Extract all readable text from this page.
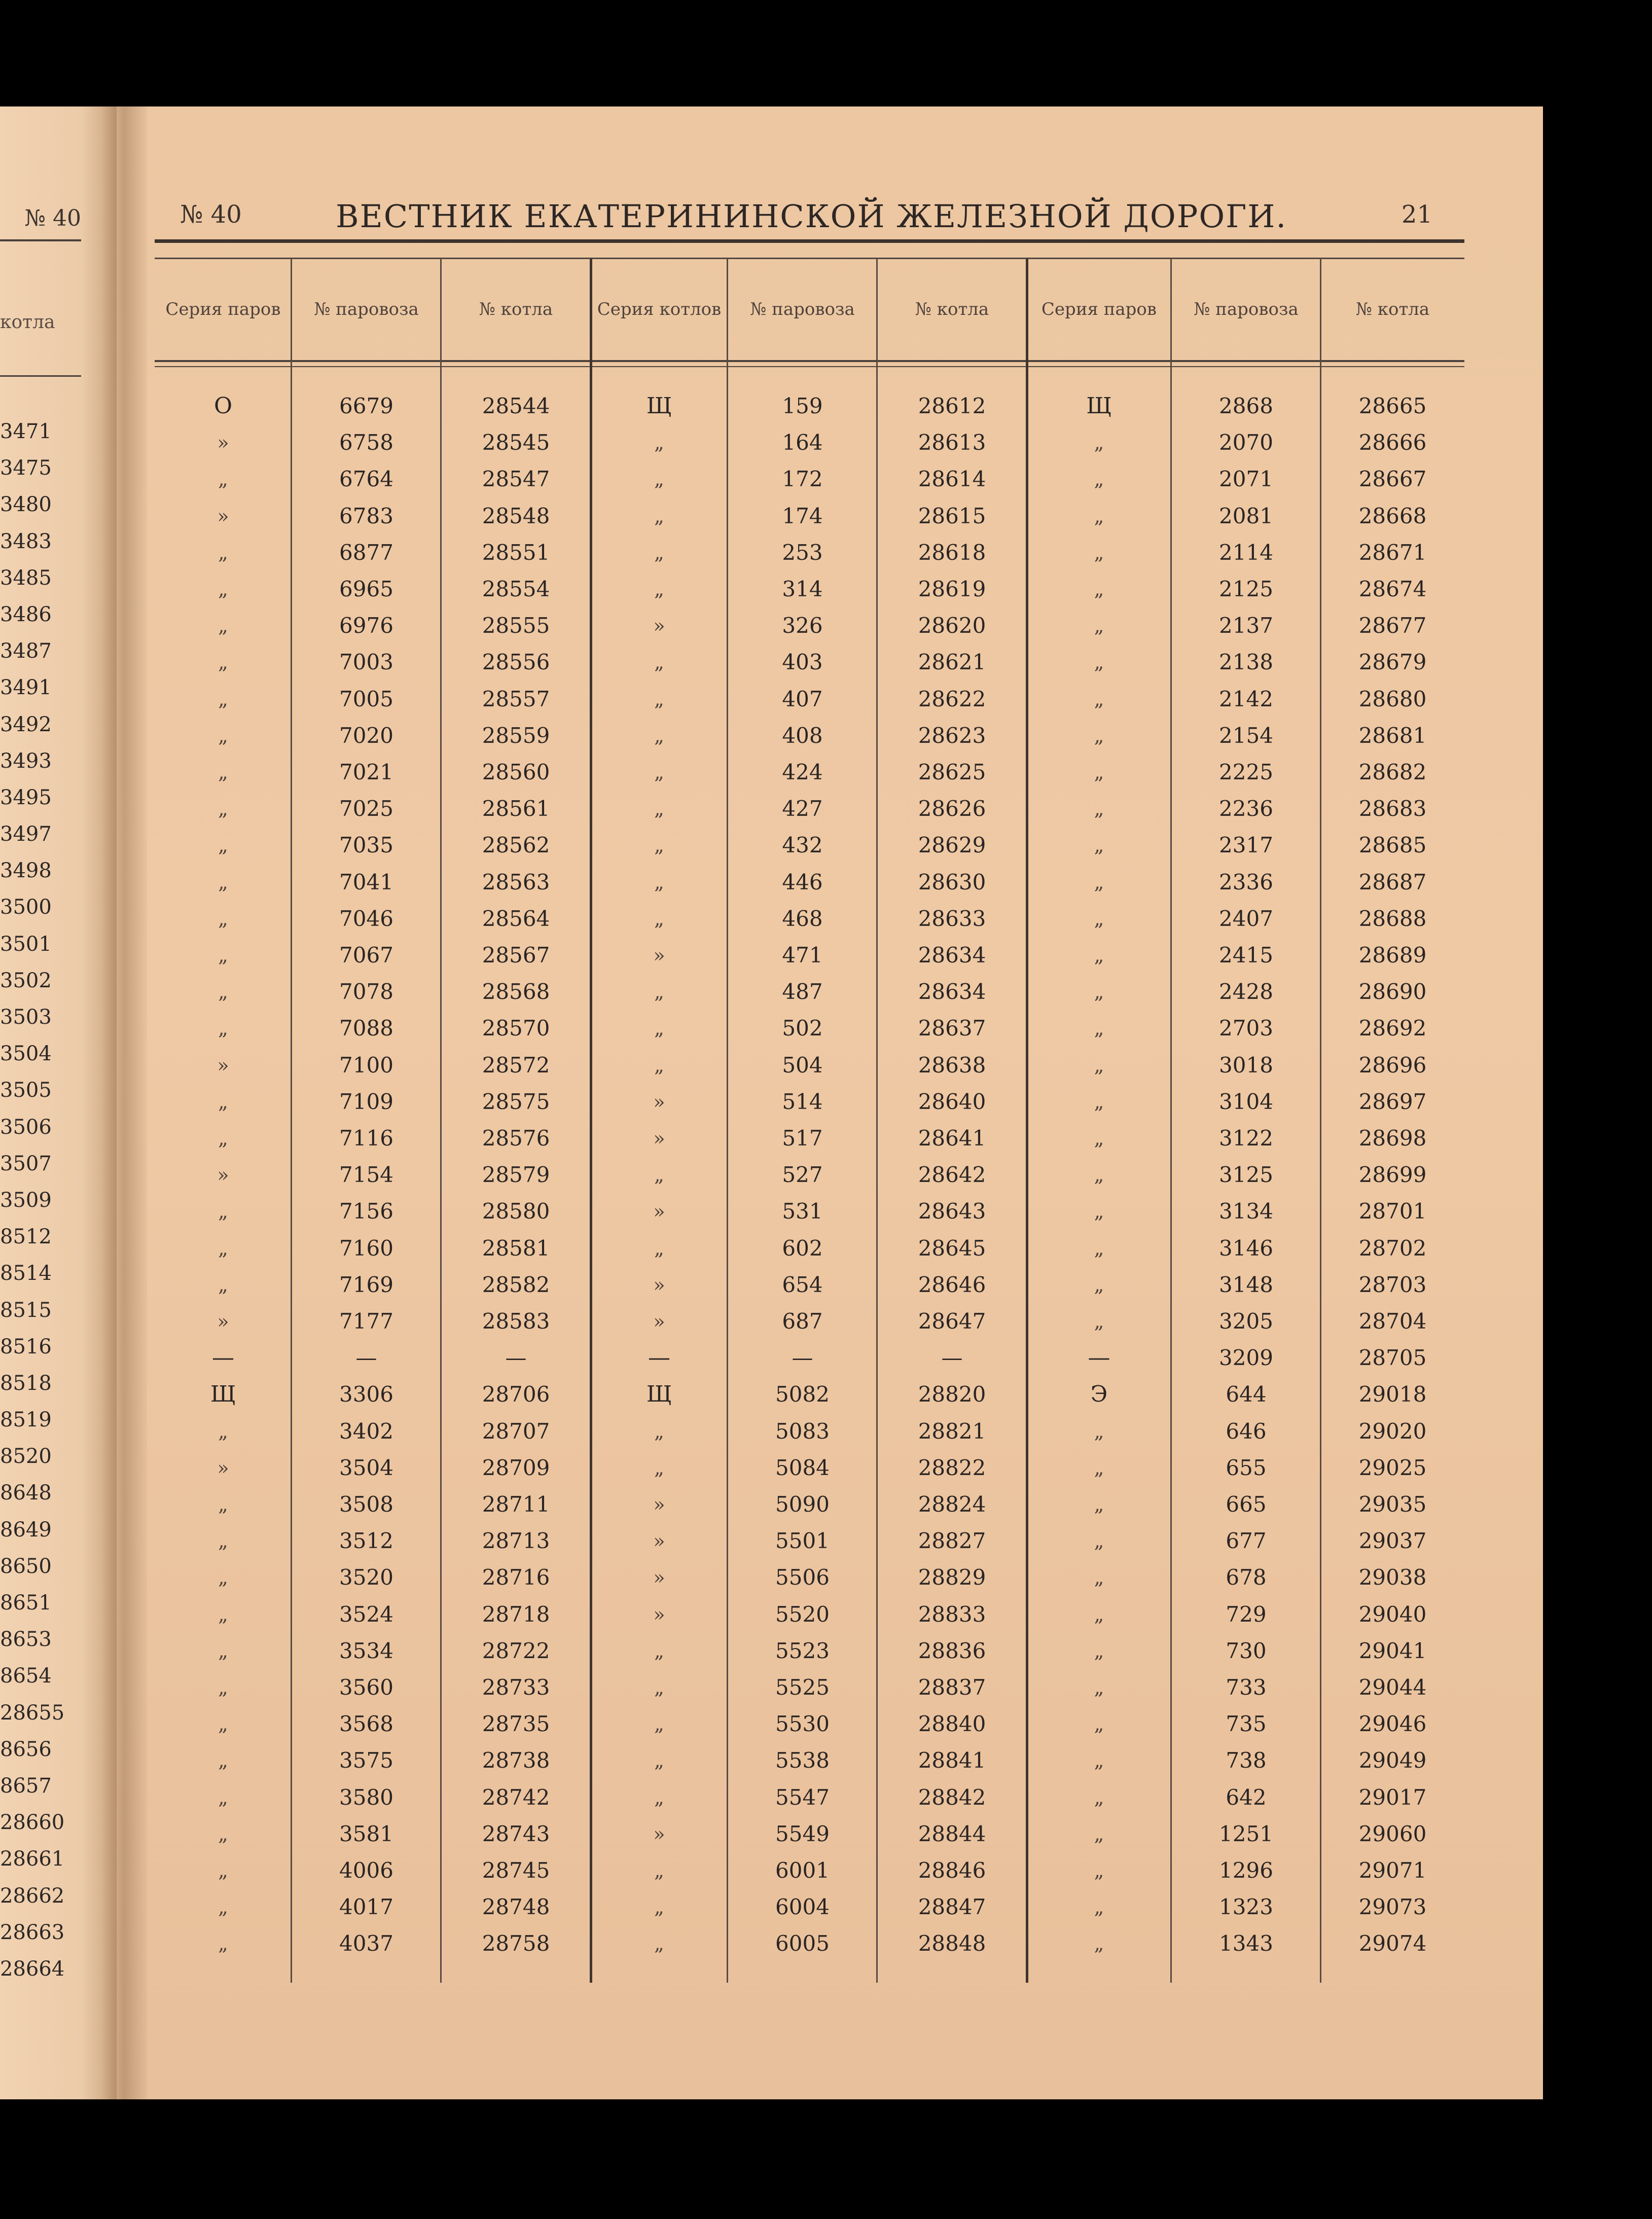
№ 40
котла
3471
3475
3480
3483
3485
3486
3487
3491
3492
3493
3495
3497
3498
3500
3501
3502
3503
3504
3505
3506
3507
3509
8512
8514
8515
8516
8518
8519
8520
8648
8649
8650
8651
8653
8654
28655
8656
8657
28660
28661
28662
28663
28664
№ 40	ВЕСТНИК ЕКАТЕРИНИНСКОЙ ЖЕЛЕЗНОЙ ДОРОГИ.	21
Серия паров	№ паровоза	№ котла	Серия котлов	№ паровоза	№ котла	Серия паров	№ паровоза	№ котла
О	6679	28544	Щ	159	28612	Щ	2868	28665
»	6758	28545	„	164	28613	„	2070	28666
„	6764	28547	„	172	28614	„	2071	28667
»	6783	28548	„	174	28615	„	2081	28668
„	6877	28551	„	253	28618	„	2114	28671
„	6965	28554	„	314	28619	„	2125	28674
„	6976	28555	»	326	28620	„	2137	28677
„	7003	28556	„	403	28621	„	2138	28679
„	7005	28557	„	407	28622	„	2142	28680
„	7020	28559	„	408	28623	„	2154	28681
„	7021	28560	„	424	28625	„	2225	28682
„	7025	28561	„	427	28626	„	2236	28683
„	7035	28562	„	432	28629	„	2317	28685
„	7041	28563	„	446	28630	„	2336	28687
„	7046	28564	„	468	28633	„	2407	28688
„	7067	28567	»	471	28634	„	2415	28689
„	7078	28568	„	487	28634	„	2428	28690
„	7088	28570	„	502	28637	„	2703	28692
»	7100	28572	„	504	28638	„	3018	28696
„	7109	28575	»	514	28640	„	3104	28697
„	7116	28576	»	517	28641	„	3122	28698
»	7154	28579	„	527	28642	„	3125	28699
„	7156	28580	»	531	28643	„	3134	28701
„	7160	28581	„	602	28645	„	3146	28702
„	7169	28582	»	654	28646	„	3148	28703
»	7177	28583	»	687	28647	„	3205	28704
—	—	—	—	—	—	—	3209	28705
Щ	3306	28706	Щ	5082	28820	Э	644	29018
„	3402	28707	„	5083	28821	„	646	29020
»	3504	28709	„	5084	28822	„	655	29025
„	3508	28711	»	5090	28824	„	665	29035
„	3512	28713	»	5501	28827	„	677	29037
„	3520	28716	»	5506	28829	„	678	29038
„	3524	28718	»	5520	28833	„	729	29040
„	3534	28722	„	5523	28836	„	730	29041
„	3560	28733	„	5525	28837	„	733	29044
„	3568	28735	„	5530	28840	„	735	29046
„	3575	28738	„	5538	28841	„	738	29049
„	3580	28742	„	5547	28842	„	642	29017
„	3581	28743	»	5549	28844	„	1251	29060
„	4006	28745	„	6001	28846	„	1296	29071
„	4017	28748	„	6004	28847	„	1323	29073
„	4037	28758	„	6005	28848	„	1343	29074
